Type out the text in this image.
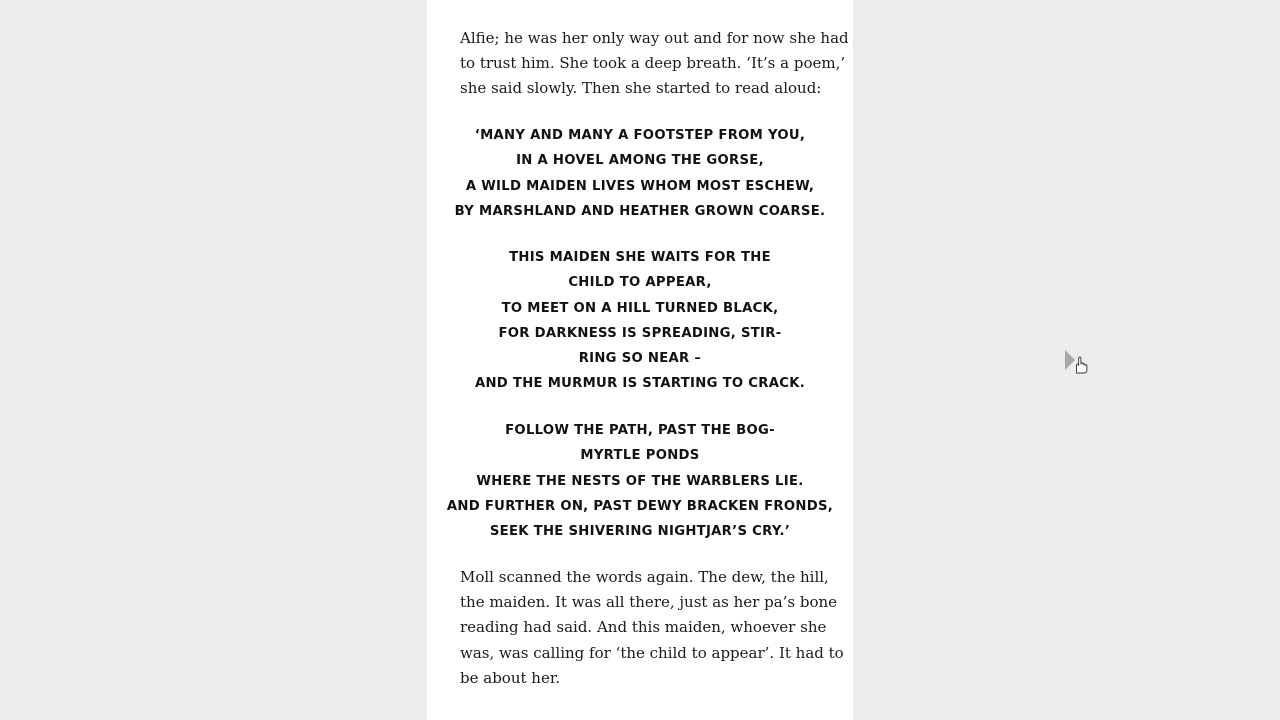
Alfie; he was her only way out and for now she had
to trust him. She took a deep breath. ‘It’s a poem,’
she said slowly. Then she started to read aloud:

‘MANY AND MANY A FOOTSTEP FROM YOU,
IN A HOVEL AMONG THE GORSE,
A WILD MAIDEN LIVES WHOM MOST ESCHEW,
BY MARSHLAND AND HEATHER GROWN COARSE.

THIS MAIDEN SHE WAITS FOR THE
CHILD TO APPEAR,
TO MEET ON A HILL TURNED BLACK,
FOR DARKNESS IS SPREADING, STIR-
RING SO NEAR –
AND THE MURMUR IS STARTING TO CRACK.

FOLLOW THE PATH, PAST THE BOG-
MYRTLE PONDS
WHERE THE NESTS OF THE WARBLERS LIE.
AND FURTHER ON, PAST DEWY BRACKEN FRONDS,
SEEK THE SHIVERING NIGHTJAR’S CRY.’

Moll scanned the words again. The dew, the hill,
the maiden. It was all there, just as her pa’s bone
reading had said. And this maiden, whoever she
was, was calling for ‘the child to appear’. It had to
be about her.
